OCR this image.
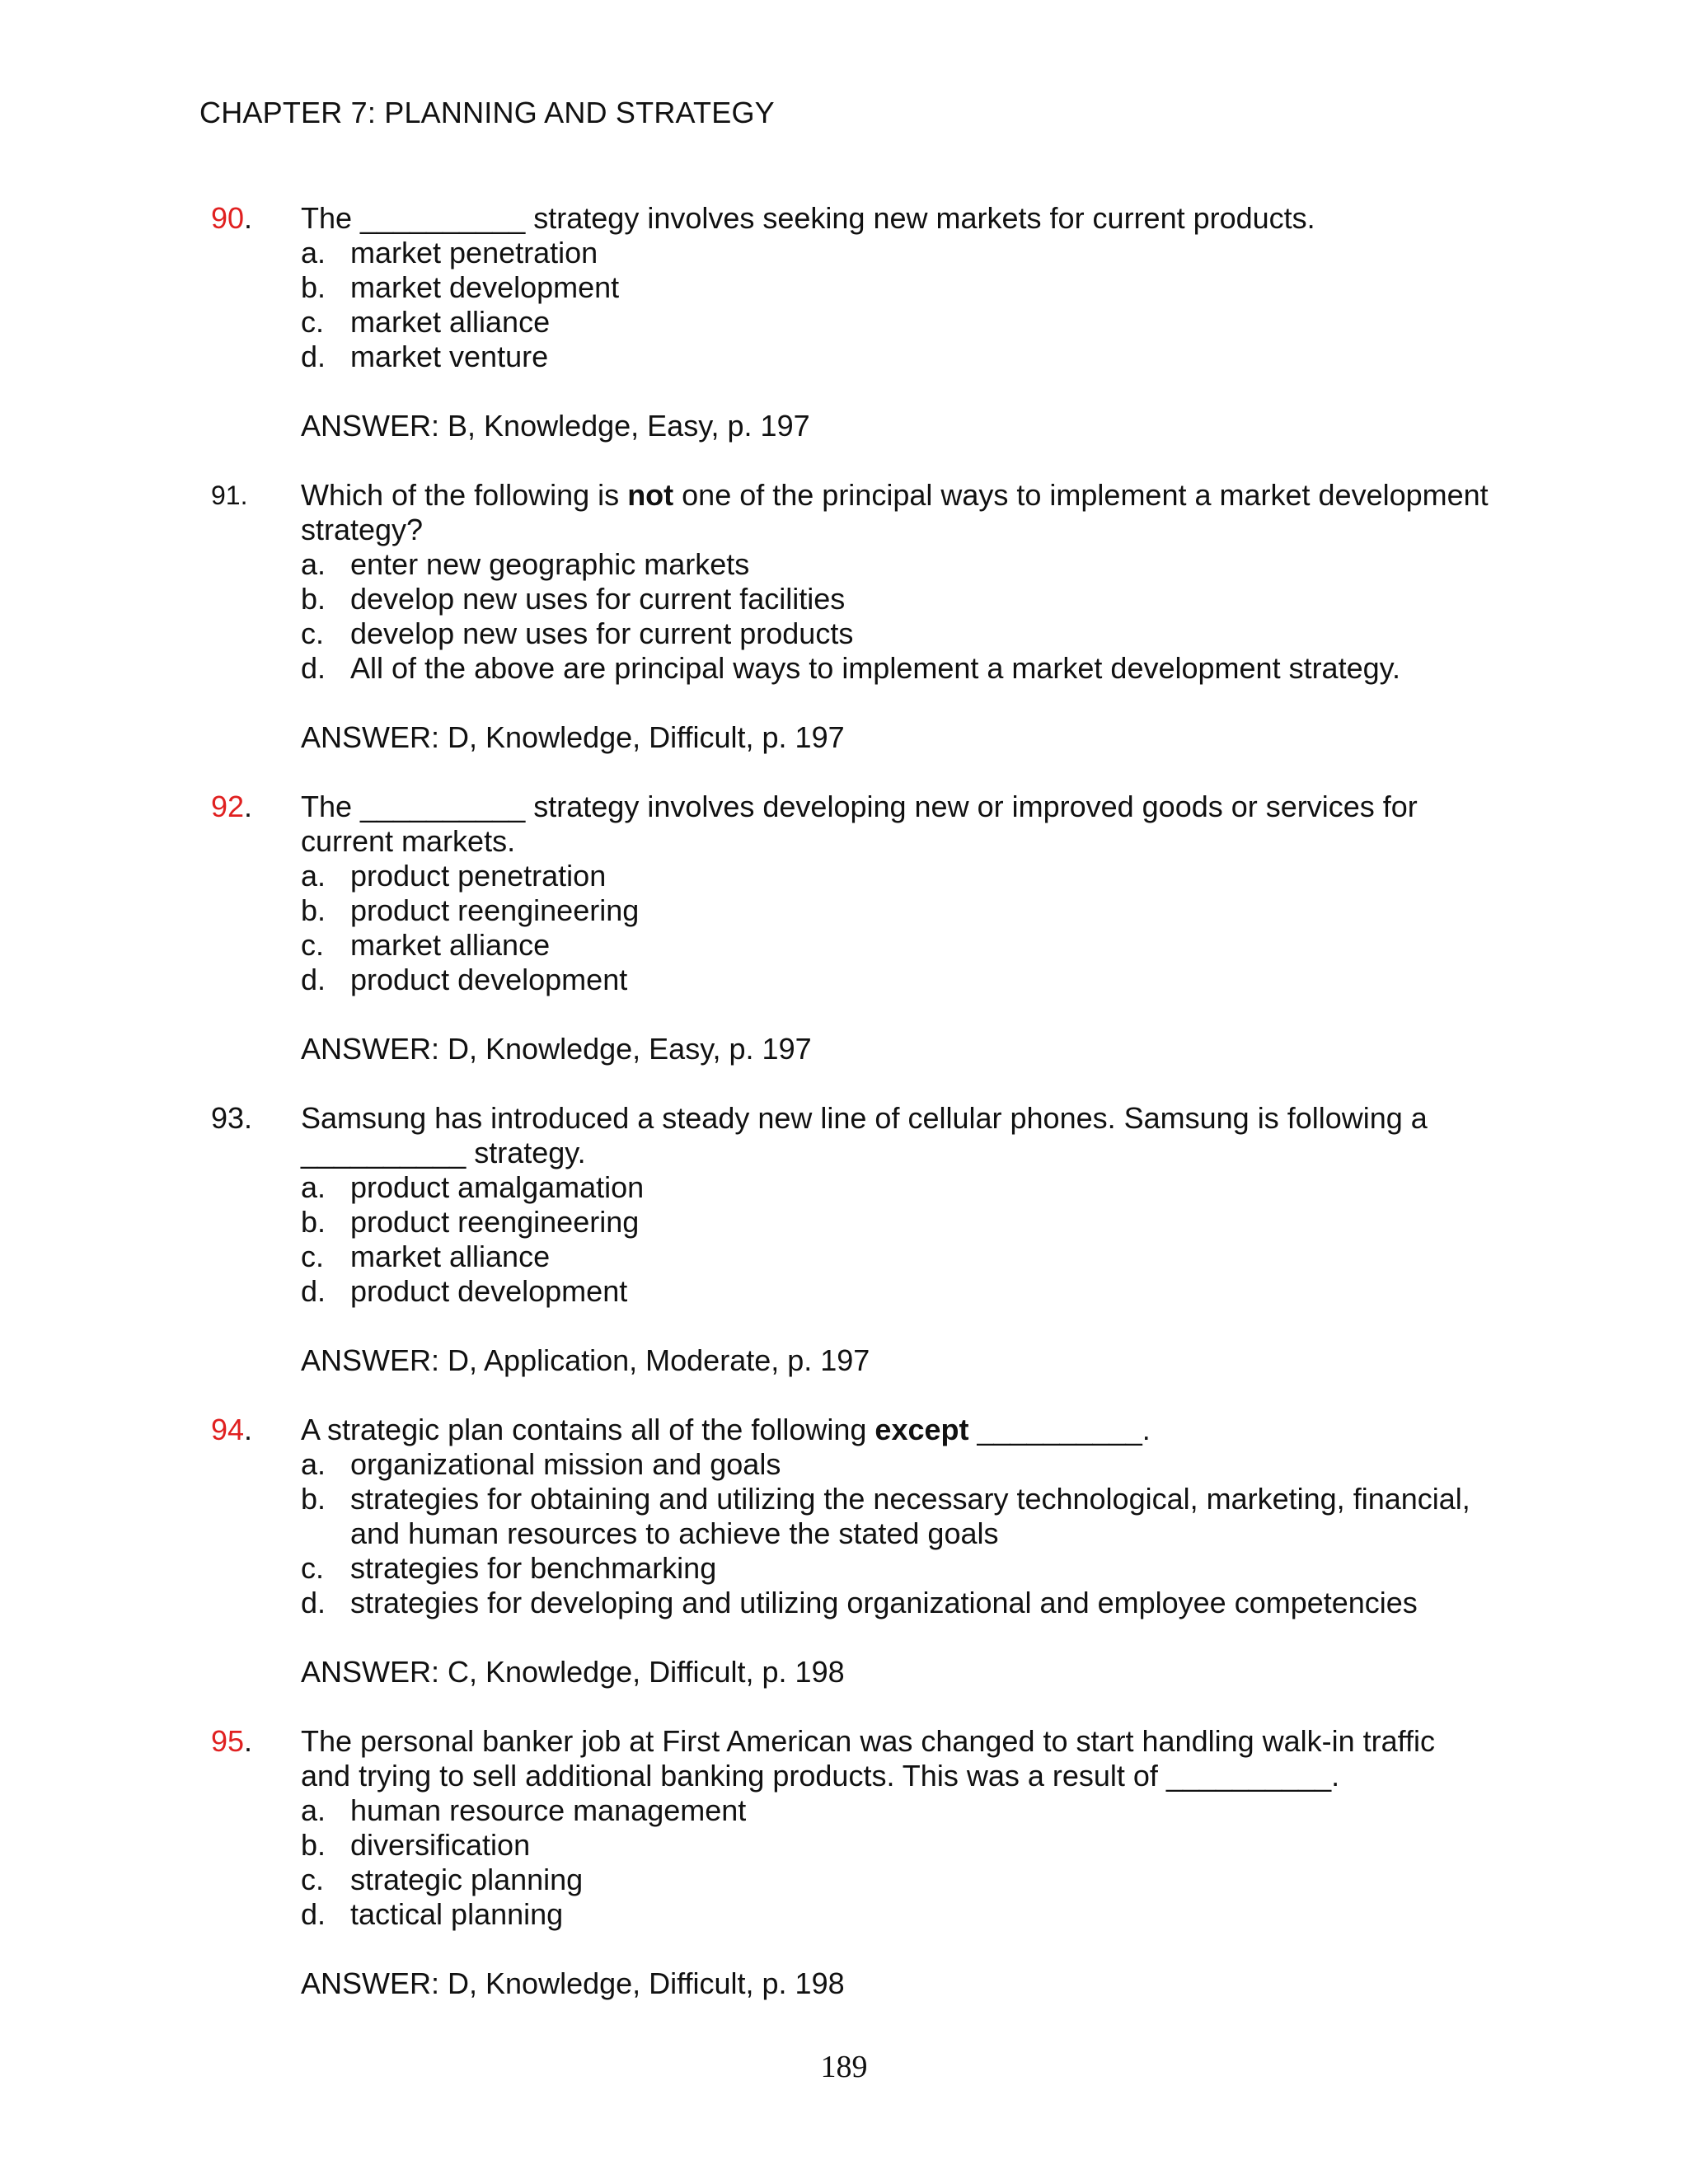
CHAPTER 7: PLANNING AND STRATEGY
90. The __________ strategy involves seeking new markets for current products.

a. market penetration
b. market development
c. market alliance
d. market venture
ANSWER: B, Knowledge, Easy, p. 197
91. Which of the following is not one of the principal ways to implement a market development strategy?

a. enter new geographic markets
b. develop new uses for current facilities
c. develop new uses for current products
d. All of the above are principal ways to implement a market development strategy.
ANSWER: D, Knowledge, Difficult, p. 197
92. The __________ strategy involves developing new or improved goods or services for current markets.

a. product penetration
b. product reengineering
c. market alliance
d. product development
ANSWER: D, Knowledge, Easy, p. 197
93. Samsung has introduced a steady new line of cellular phones. Samsung is following a __________ strategy.

a. product amalgamation
b. product reengineering
c. market alliance
d. product development
ANSWER: D, Application, Moderate, p. 197
94. A strategic plan contains all of the following except __________.

a. organizational mission and goals
b. strategies for obtaining and utilizing the necessary technological, marketing, financial, and human resources to achieve the stated goals
c. strategies for benchmarking
d. strategies for developing and utilizing organizational and employee competencies
ANSWER: C, Knowledge, Difficult, p. 198
95. The personal banker job at First American was changed to start handling walk-in traffic and trying to sell additional banking products. This was a result of __________.

a. human resource management
b. diversification
c. strategic planning
d. tactical planning
ANSWER: D, Knowledge, Difficult, p. 198
189
